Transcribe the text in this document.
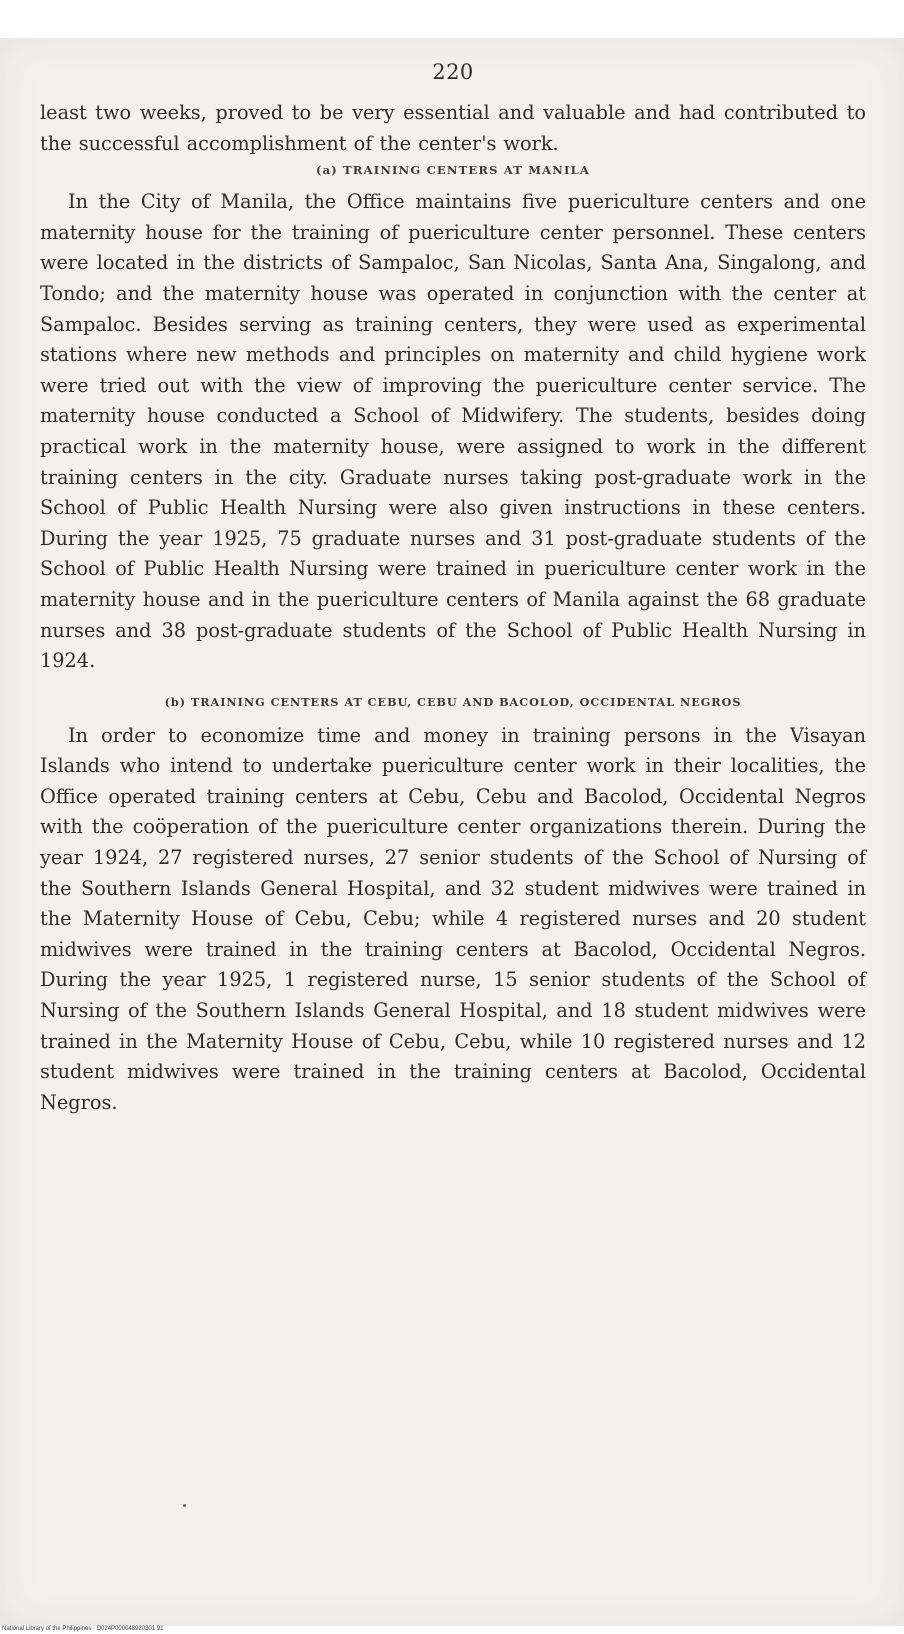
220

least two weeks, proved to be very essential and valuable and had contributed to the successful accomplishment of the center's work.

(a) TRAINING CENTERS AT MANILA

In the City of Manila, the Office maintains five puericulture centers and one maternity house for the training of puericulture center personnel. These centers were located in the districts of Sampaloc, San Nicolas, Santa Ana, Singalong, and Tondo; and the maternity house was operated in conjunction with the center at Sampaloc. Besides serving as training centers, they were used as experimental stations where new methods and principles on maternity and child hygiene work were tried out with the view of improving the puericulture center service. The maternity house conducted a School of Midwifery. The students, besides doing practical work in the maternity house, were assigned to work in the different training centers in the city. Graduate nurses taking post-graduate work in the School of Public Health Nursing were also given instructions in these centers. During the year 1925, 75 graduate nurses and 31 post-graduate students of the School of Public Health Nursing were trained in puericulture center work in the maternity house and in the puericulture centers of Manila against the 68 graduate nurses and 38 post-graduate students of the School of Public Health Nursing in 1924.

(b) TRAINING CENTERS AT CEBU, CEBU AND BACOLOD, OCCIDENTAL NEGROS

In order to economize time and money in training persons in the Visayan Islands who intend to undertake puericulture center work in their localities, the Office operated training centers at Cebu, Cebu and Bacolod, Occidental Negros with the coöperation of the puericulture center organizations therein. During the year 1924, 27 registered nurses, 27 senior students of the School of Nursing of the Southern Islands General Hospital, and 32 student midwives were trained in the Maternity House of Cebu, Cebu; while 4 registered nurses and 20 student midwives were trained in the training centers at Bacolod, Occidental Negros. During the year 1925, 1 registered nurse, 15 senior students of the School of Nursing of the Southern Islands General Hospital, and 18 student midwives were trained in the Maternity House of Cebu, Cebu, while 10 registered nurses and 12 student midwives were trained in the training centers at Bacolod, Occidental Negros.

National Library of the Philippines · D024P000048920301 91
